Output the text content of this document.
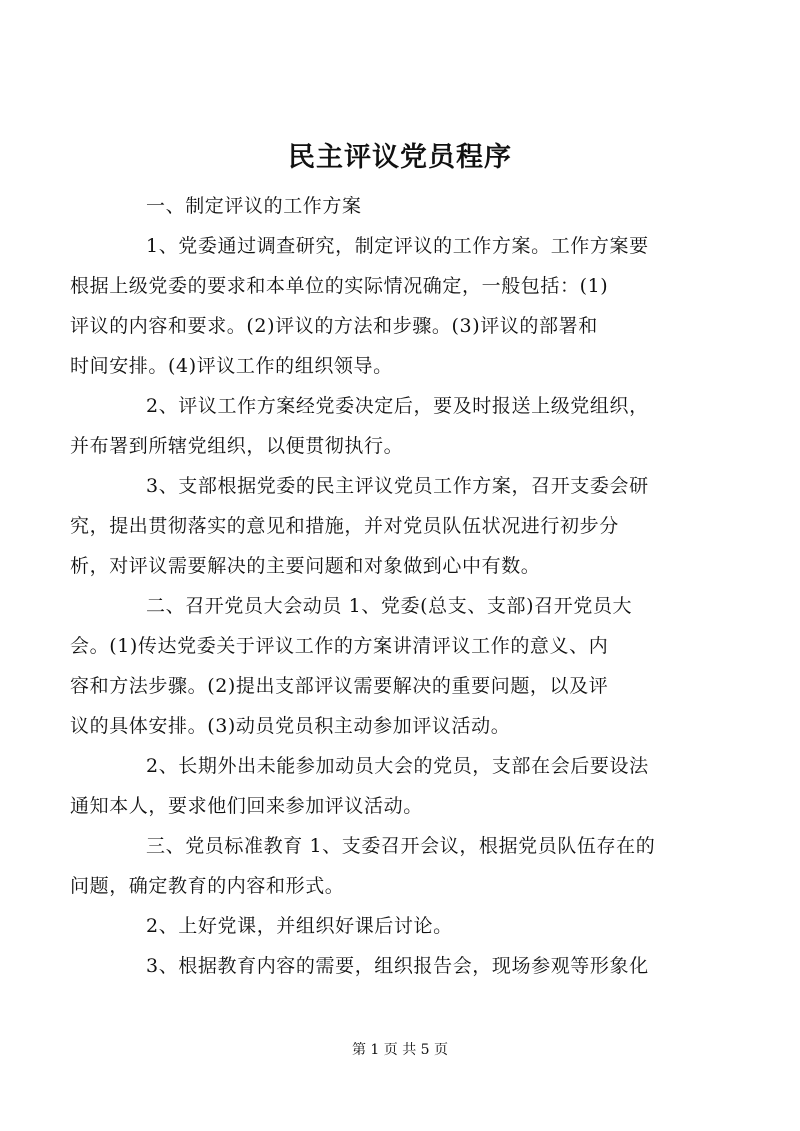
民主评议党员程序
一、制定评议的工作方案
1、党委通过调查研究，制定评议的工作方案。工作方案要
根据上级党委的要求和本单位的实际情况确定，一般包括：(1)
评议的内容和要求。(2)评议的方法和步骤。(3)评议的部署和
时间安排。(4)评议工作的组织领导。
2、评议工作方案经党委决定后，要及时报送上级党组织，
并布署到所辖党组织，以便贯彻执行。
3、支部根据党委的民主评议党员工作方案，召开支委会研
究，提出贯彻落实的意见和措施，并对党员队伍状况进行初步分
析，对评议需要解决的主要问题和对象做到心中有数。
二、召开党员大会动员 1、党委(总支、支部)召开党员大
会。(1)传达党委关于评议工作的方案讲清评议工作的意义、内
容和方法步骤。(2)提出支部评议需要解决的重要问题，以及评
议的具体安排。(3)动员党员积主动参加评议活动。
2、长期外出未能参加动员大会的党员，支部在会后要设法
通知本人，要求他们回来参加评议活动。
三、党员标准教育 1、支委召开会议，根据党员队伍存在的
问题，确定教育的内容和形式。
2、上好党课，并组织好课后讨论。
3、根据教育内容的需要，组织报告会，现场参观等形象化
第 1 页 共 5 页
